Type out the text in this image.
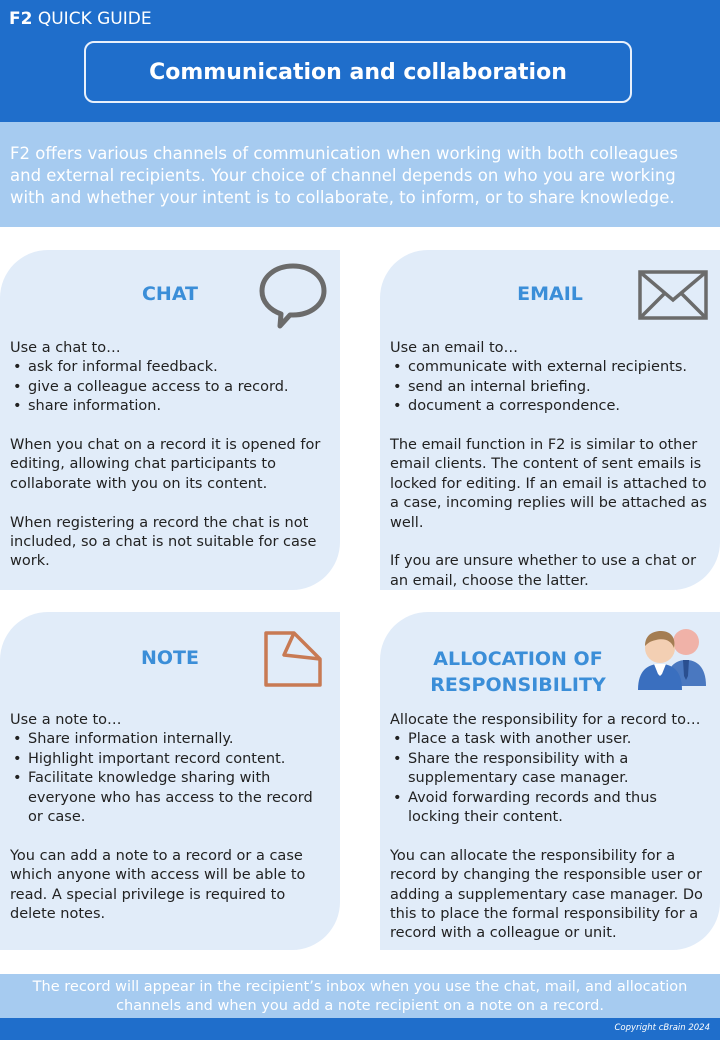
F2 QUICK GUIDE
Communication and collaboration
F2 offers various channels of communication when working with both colleagues and external recipients. Your choice of channel depends on who you are working with and whether your intent is to collaborate, to inform, or to share knowledge.
CHAT

Use a chat to…

• ask for informal feedback.
• give a colleague access to a record.
• share information.

When you chat on a record it is opened for editing, allowing chat participants to collaborate with you on its content.

When registering a record the chat is not included, so a chat is not suitable for case work.

EMAIL

Use an email to…

• communicate with external recipients.
• send an internal briefing.
• document a correspondence.

The email function in F2 is similar to other email clients. The content of sent emails is locked for editing. If an email is attached to a case, incoming replies will be attached as well.

If you are unsure whether to use a chat or an email, choose the latter.

NOTE

Use a note to…

• Share information internally.
• Highlight important record content.
• Facilitate knowledge sharing with everyone who has access to the record or case.

You can add a note to a record or a case which anyone with access will be able to read. A special privilege is required to delete notes.

ALLOCATION OF
RESPONSIBILITY

Allocate the responsibility for a record to…

• Place a task with another user.
• Share the responsibility with a supplementary case manager.
• Avoid forwarding records and thus locking their content.

You can allocate the responsibility for a record by changing the responsible user or adding a supplementary case manager. Do this to place the formal responsibility for a record with a colleague or unit.

The record will appear in the recipient’s inbox when you use the chat, mail, and allocation channels and when you add a note recipient on a note on a record.
Copyright cBrain 2024
